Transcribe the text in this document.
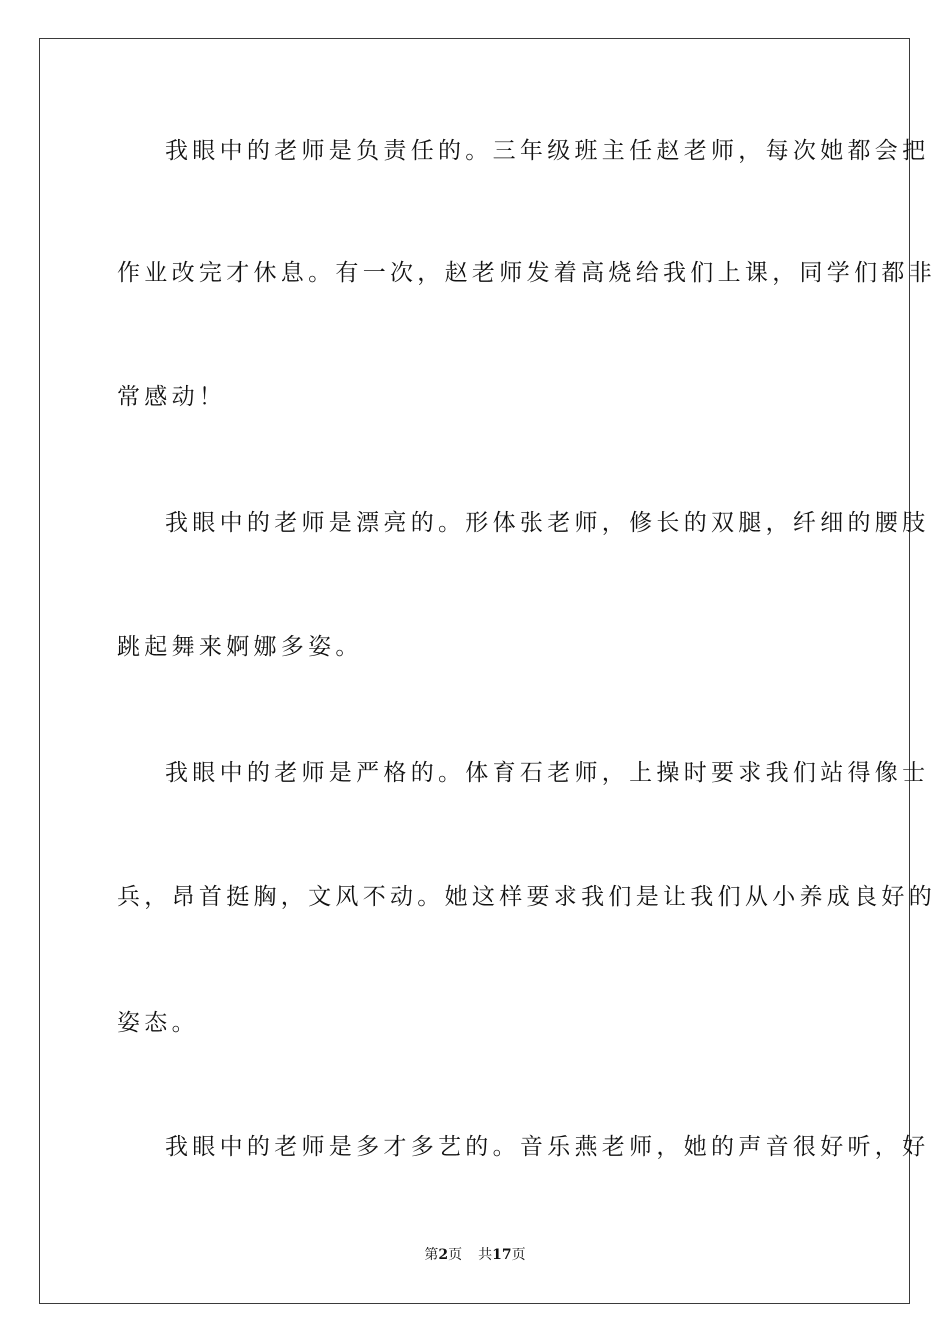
我眼中的老师是负责任的。三年级班主任赵老师，每次她都会把

作业改完才休息。有一次，赵老师发着高烧给我们上课，同学们都非

常感动！

我眼中的老师是漂亮的。形体张老师，修长的双腿，纤细的腰肢

跳起舞来婀娜多姿。

我眼中的老师是严格的。体育石老师，上操时要求我们站得像士

兵，昂首挺胸，文风不动。她这样要求我们是让我们从小养成良好的

姿态。

我眼中的老师是多才多艺的。音乐燕老师，她的声音很好听，好

第2页 共17页
